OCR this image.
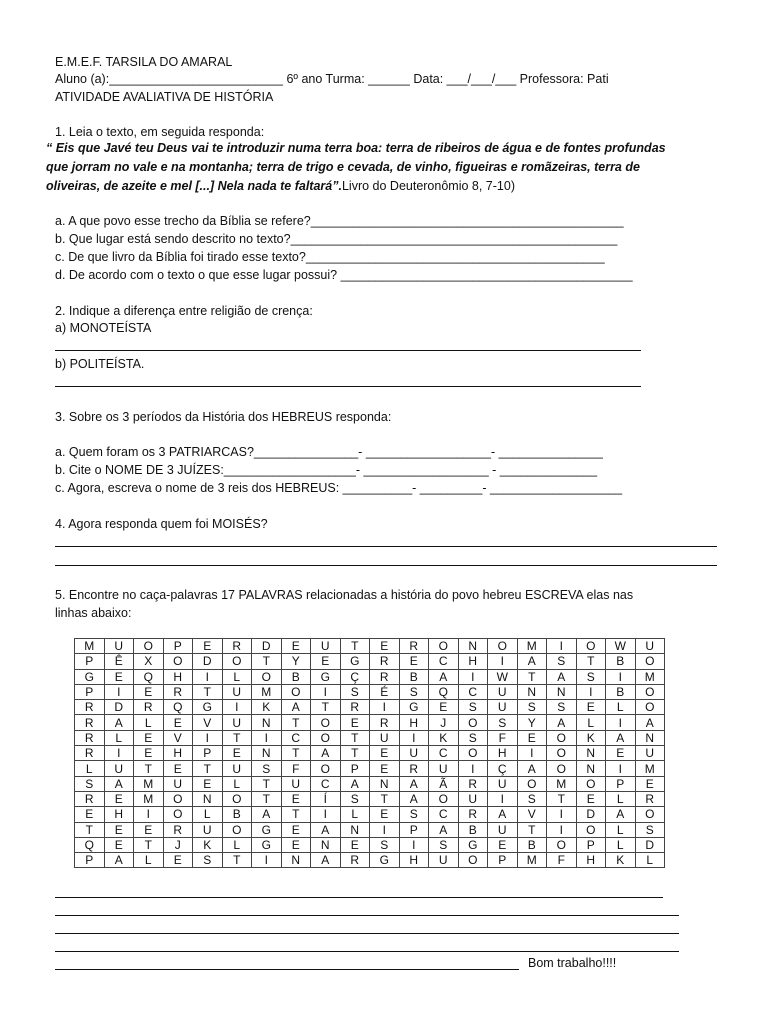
E.M.E.F. TARSILA DO AMARAL
Aluno (a):_________________________ 6º ano Turma: ______ Data: ___/___/___ Professora: Pati
ATIVIDADE AVALIATIVA DE HISTÓRIA
1. Leia o texto, em seguida responda:
“ Eis que Javé teu Deus vai te introduzir numa terra boa: terra de ribeiros de água e de fontes profundas
que jorram no vale e na montanha; terra de trigo e cevada, de vinho, figueiras e romãzeiras, terra de
oliveiras, de azeite e mel [...] Nela nada te faltará”.Livro do Deuteronômio 8, 7-10)
a. A que povo esse trecho da Bíblia se refere?_____________________________________________
b. Que lugar está sendo descrito no texto?_______________________________________________
c. De que livro da Bíblia foi tirado esse texto?___________________________________________
d. De acordo com o texto o que esse lugar possui? __________________________________________
2. Indique a diferença entre religião de crença:
a) MONOTEÍSTA
b) POLITEÍSTA.
3. Sobre os 3 períodos da História dos HEBREUS responda:
a. Quem foram os 3 PATRIARCAS?_______________- __________________- _______________
b. Cite o NOME DE 3 JUÍZES:___________________- __________________ - ______________
c. Agora, escreva o nome de 3 reis dos HEBREUS: __________- _________- ___________________
4. Agora responda quem foi MOISÉS?
5. Encontre no caça-palavras 17 PALAVRAS relacionadas a história do povo hebreu ESCREVA elas nas
linhas abaixo:
M	U	O	P	E	R	D	E	U	T	E	R	O	N	O	M	I	O	W	U
P	Ê	X	O	D	O	T	Y	E	G	R	E	C	H	I	A	S	T	B	O
G	E	Q	H	I	L	O	B	G	Ç	R	B	A	I	W	T	A	S	I	M
P	I	E	R	T	U	M	O	I	S	É	S	Q	C	U	N	N	I	B	O
R	D	R	Q	G	I	K	A	T	R	I	G	E	S	U	S	S	E	L	O
R	A	L	E	V	U	N	T	O	E	R	H	J	O	S	Y	A	L	I	A
R	L	E	V	I	T	I	C	O	T	U	I	K	S	F	E	O	K	A	N
R	I	E	H	P	E	N	T	A	T	E	U	C	O	H	I	O	N	E	U
L	U	T	E	T	U	S	F	O	P	E	R	U	I	Ç	A	O	N	I	M
S	A	M	U	E	L	T	U	C	A	N	A	Ã	R	U	O	M	O	P	E
R	E	M	O	N	O	T	E	Í	S	T	A	O	U	I	S	T	E	L	R
E	H	I	O	L	B	A	T	I	L	E	S	C	R	A	V	I	D	A	O
T	E	E	R	U	O	G	E	A	N	I	P	A	B	U	T	I	O	L	S
Q	E	T	J	K	L	G	E	N	E	S	I	S	G	E	B	O	P	L	D
P	A	L	E	S	T	I	N	A	R	G	H	U	O	P	M	F	H	K	L
Bom trabalho!!!!
